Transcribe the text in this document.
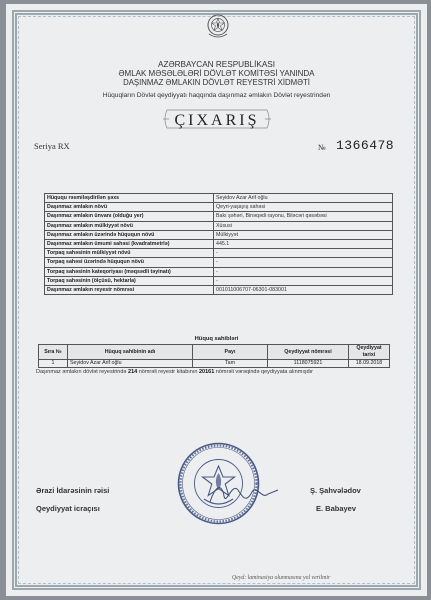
AZƏRBAYCAN RESPUBLİKASI
ƏMLAK MƏSƏLƏLƏRİ DÖVLƏT KOMİTƏSİ YANINDA
DAŞINMAZ ƏMLAKIN DÖVLƏT REYESTRİ XİDMƏTİ
Hüquqların Dövlət qeydiyyatı haqqında daşınmaz əmlakın Dövlət reyestrindən
ÇIXARIŞ
Seriya RX	№ 1366478
Hüququ rəsmiləşdirilən şəxs	Seyidov Azar Arif oğlu
Daşınmaz əmlakın növü	Qeyri-yaşayış sahəsi
Daşınmaz əmlakın ünvanı (olduğu yer)	Bakı şəhəri, Binəqədi rayonu, Biləcəri qəsəbəsi
Daşınmaz əmlakın mülkiyyət növü	Xüsusi
Daşınmaz əmlakın üzərində hüququn növü	Mülkiyyət
Daşınmaz əmlakın ümumi sahəsi (kvadratmetrlə)	445.1
Torpaq sahəsinin mülkiyyət növü	-
Torpaq sahəsi üzərində hüququn növü	-
Torpaq sahəsinin kateqoriyası (məqsədli təyinatı)	-
Torpaq sahəsinin (ölçüsü, hektarla)	-
Daşınmaz əmlakın reyestr nömrəsi	001011006707-06301-083001
Hüquq sahibləri
Sıra №	Hüquq sahibinin adı	Payı	Qeydiyyat nömrəsi	Qeydiyyat tarixi
1	Seyidov Azar Arif oğlu	Tam	1118075921	18.09.2018
Daşınmaz əmlakın dövlət reyestrində 214 nömrəli reyestr kitabının 20161 nömrəli vərəqində qeydiyyata alınmışdır
Ərazi İdarəsinin rəisi	Ş. Şahvələdov
Qeydiyyat icraçısı	E. Babayev
Qeyd: laminasiya olunmasına yol verilmir
